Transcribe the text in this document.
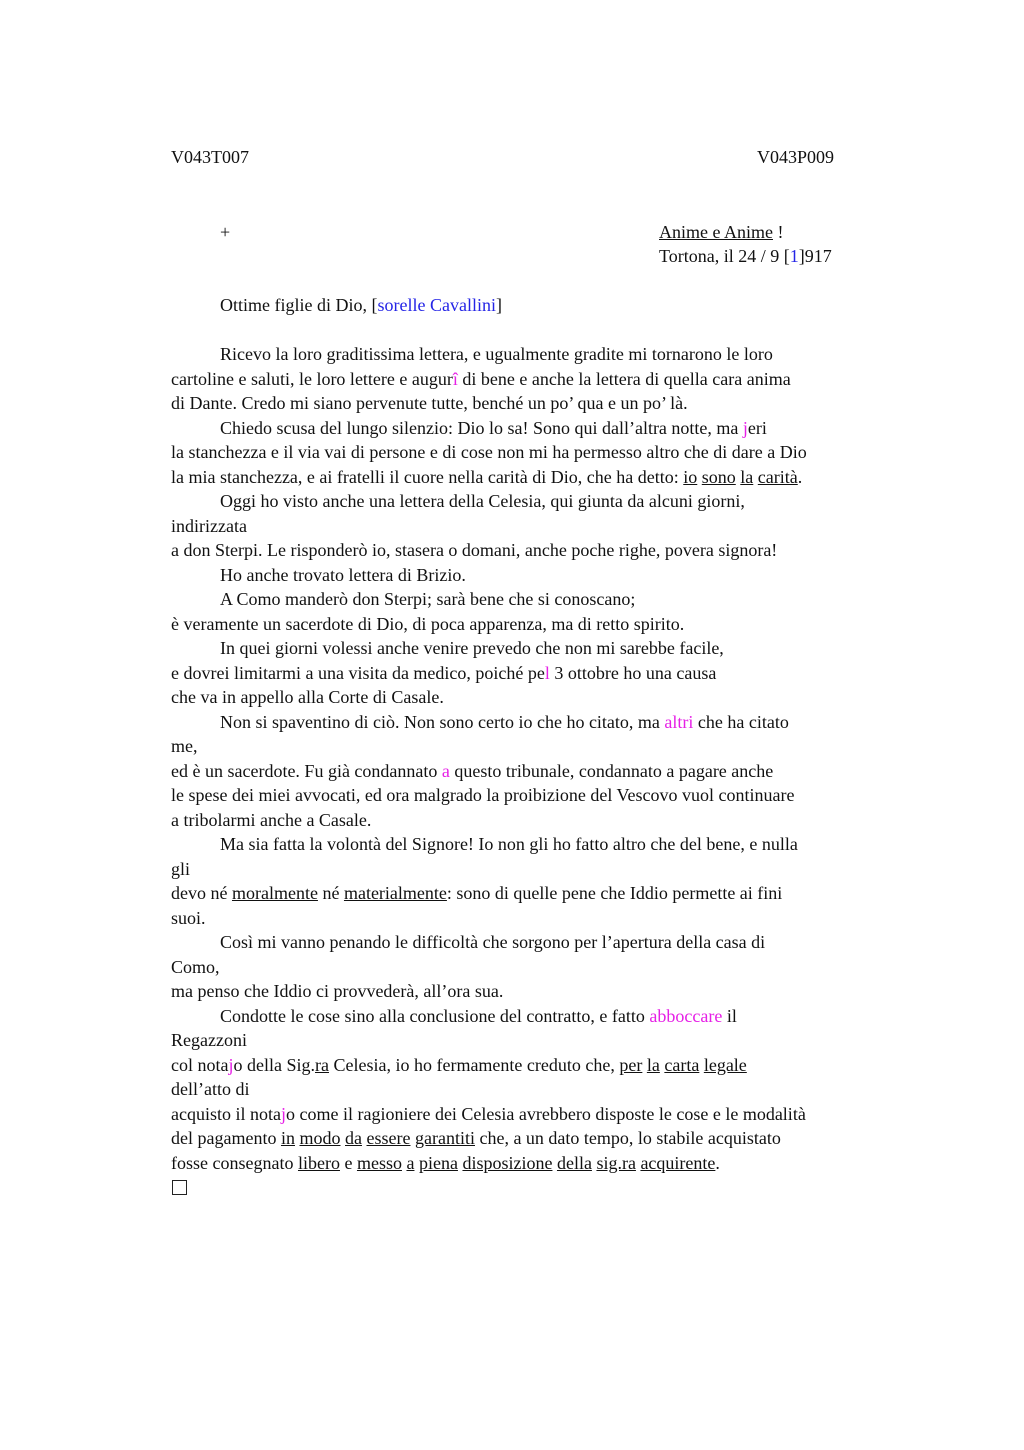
V043T007	V043P009
+	Anime e Anime !
Tortona, il 24 / 9 [1]917
Ottime figlie di Dio, [sorelle Cavallini]
Ricevo la loro graditissima lettera, e ugualmente gradite mi tornarono le loro
cartoline e saluti, le loro lettere e augurî di bene e anche la lettera di quella cara anima
di Dante. Credo mi siano pervenute tutte, benché un po’ qua e un po’ là.
Chiedo scusa del lungo silenzio: Dio lo sa! Sono qui dall’altra notte, ma jeri
la stanchezza e il via vai di persone e di cose non mi ha permesso altro che di dare a Dio
la mia stanchezza, e ai fratelli il cuore nella carità di Dio, che ha detto: io sono la carità.
Oggi ho visto anche una lettera della Celesia, qui giunta da alcuni giorni,
indirizzata
a don Sterpi. Le risponderò io, stasera o domani, anche poche righe, povera signora!
Ho anche trovato lettera di Brizio.
A Como manderò don Sterpi; sarà bene che si conoscano;
è veramente un sacerdote di Dio, di poca apparenza, ma di retto spirito.
In quei giorni volessi anche venire prevedo che non mi sarebbe facile,
e dovrei limitarmi a una visita da medico, poiché pel 3 ottobre ho una causa
che va in appello alla Corte di Casale.
Non si spaventino di ciò. Non sono certo io che ho citato, ma altri che ha citato
me,
ed è un sacerdote. Fu già condannato a questo tribunale, condannato a pagare anche
le spese dei miei avvocati, ed ora malgrado la proibizione del Vescovo vuol continuare
a tribolarmi anche a Casale.
Ma sia fatta la volontà del Signore! Io non gli ho fatto altro che del bene, e nulla
gli
devo né moralmente né materialmente: sono di quelle pene che Iddio permette ai fini
suoi.
Così mi vanno penando le difficoltà che sorgono per l’apertura della casa di
Como,
ma penso che Iddio ci provvederà, all’ora sua.
Condotte le cose sino alla conclusione del contratto, e fatto abboccare il
Regazzoni
col notajo della Sig.ra Celesia, io ho fermamente creduto che, per la carta legale
dell’atto di
acquisto il notajo come il ragioniere dei Celesia avrebbero disposte le cose e le modalità
del pagamento in modo da essere garantiti che, a un dato tempo, lo stabile acquistato
fosse consegnato libero e messo a piena disposizione della sig.ra acquirente.
